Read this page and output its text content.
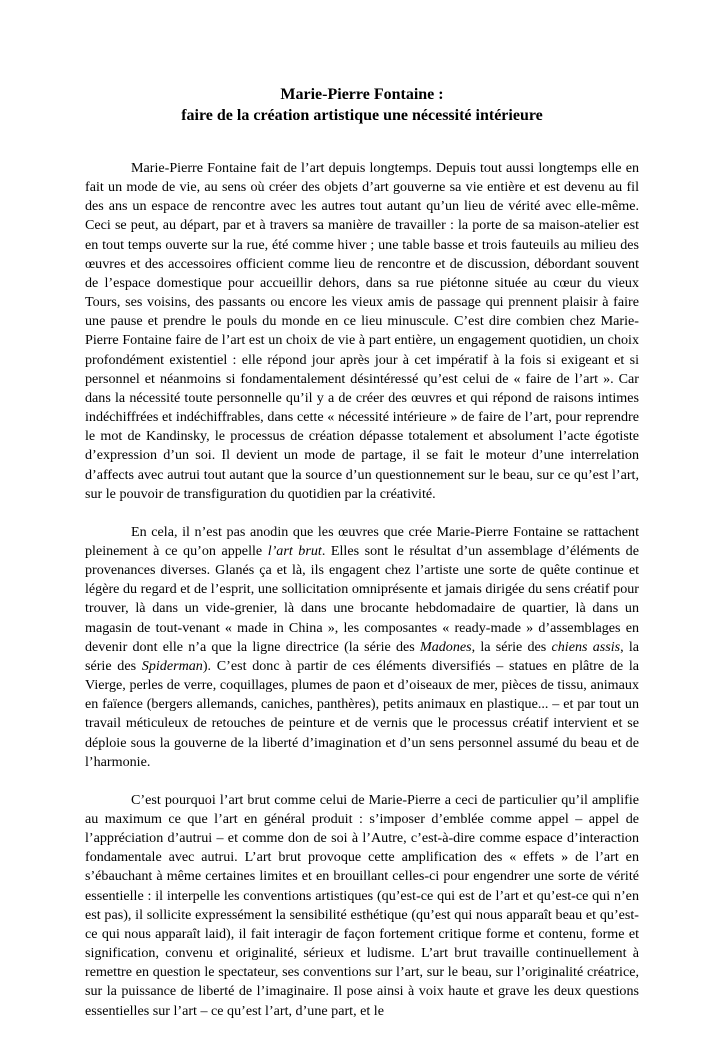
Marie-Pierre Fontaine :
faire de la création artistique une nécessité intérieure

Marie-Pierre Fontaine fait de l’art depuis longtemps. Depuis tout aussi longtemps elle en fait un mode de vie, au sens où créer des objets d’art gouverne sa vie entière et est devenu au fil des ans un espace de rencontre avec les autres tout autant qu’un lieu de vérité avec elle-même. Ceci se peut, au départ, par et à travers sa manière de travailler : la porte de sa maison-atelier est en tout temps ouverte sur la rue, été comme hiver ; une table basse et trois fauteuils au milieu des œuvres et des accessoires officient comme lieu de rencontre et de discussion, débordant souvent de l’espace domestique pour accueillir dehors, dans sa rue piétonne située au cœur du vieux Tours, ses voisins, des passants ou encore les vieux amis de passage qui prennent plaisir à faire une pause et prendre le pouls du monde en ce lieu minuscule. C’est dire combien chez Marie-Pierre Fontaine faire de l’art est un choix de vie à part entière, un engagement quotidien, un choix profondément existentiel : elle répond jour après jour à cet impératif à la fois si exigeant et si personnel et néanmoins si fondamentalement désintéressé qu’est celui de « faire de l’art ». Car dans la nécessité toute personnelle qu’il y a de créer des œuvres et qui répond de raisons intimes indéchiffrées et indéchiffrables, dans cette « nécessité intérieure » de faire de l’art, pour reprendre le mot de Kandinsky, le processus de création dépasse totalement et absolument l’acte égotiste d’expression d’un soi. Il devient un mode de partage, il se fait le moteur d’une interrelation d’affects avec autrui tout autant que la source d’un questionnement sur le beau, sur ce qu’est l’art, sur le pouvoir de transfiguration du quotidien par la créativité.

En cela, il n’est pas anodin que les œuvres que crée Marie-Pierre Fontaine se rattachent pleinement à ce qu’on appelle l’art brut. Elles sont le résultat d’un assemblage d’éléments de provenances diverses. Glanés ça et là, ils engagent chez l’artiste une sorte de quête continue et légère du regard et de l’esprit, une sollicitation omniprésente et jamais dirigée du sens créatif pour trouver, là dans un vide-grenier, là dans une brocante hebdomadaire de quartier, là dans un magasin de tout-venant « made in China », les composantes « ready-made » d’assemblages en devenir dont elle n’a que la ligne directrice (la série des Madones, la série des chiens assis, la série des Spiderman). C’est donc à partir de ces éléments diversifiés – statues en plâtre de la Vierge, perles de verre, coquillages, plumes de paon et d’oiseaux de mer, pièces de tissu, animaux en faïence (bergers allemands, caniches, panthères), petits animaux en plastique... – et par tout un travail méticuleux de retouches de peinture et de vernis que le processus créatif intervient et se déploie sous la gouverne de la liberté d’imagination et d’un sens personnel assumé du beau et de l’harmonie.

C’est pourquoi l’art brut comme celui de Marie-Pierre a ceci de particulier qu’il amplifie au maximum ce que l’art en général produit : s’imposer d’emblée comme appel – appel de l’appréciation d’autrui – et comme don de soi à l’Autre, c’est-à-dire comme espace d’interaction fondamentale avec autrui. L’art brut provoque cette amplification des « effets » de l’art en s’ébauchant à même certaines limites et en brouillant celles-ci pour engendrer une sorte de vérité essentielle : il interpelle les conventions artistiques (qu’est-ce qui est de l’art et qu’est-ce qui n’en est pas), il sollicite expressément la sensibilité esthétique (qu’est qui nous apparaît beau et qu’est-ce qui nous apparaît laid), il fait interagir de façon fortement critique forme et contenu, forme et signification, convenu et originalité, sérieux et ludisme. L’art brut travaille continuellement à remettre en question le spectateur, ses conventions sur l’art, sur le beau, sur l’originalité créatrice, sur la puissance de liberté de l’imaginaire. Il pose ainsi à voix haute et grave les deux questions essentielles sur l’art – ce qu’est l’art, d’une part, et le
